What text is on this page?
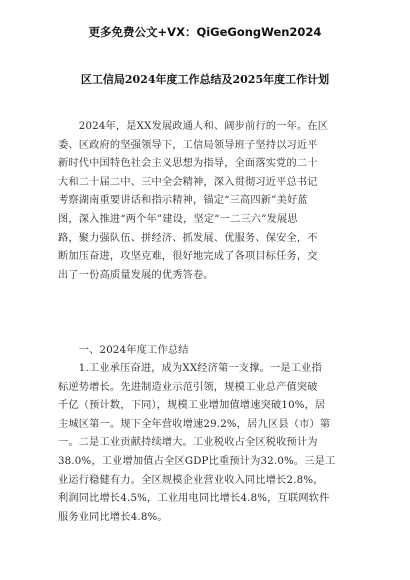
更多免费公文+VX：QiGeGongWen2024
区工信局2024年度工作总结及2025年度工作计划
　　2024年，是XX发展政通人和、阔步前行的一年。在区
委、区政府的坚强领导下，工信局领导班子坚持以习近平
新时代中国特色社会主义思想为指导，全面落实党的二十
大和二十届二中、三中全会精神，深入贯彻习近平总书记
考察湖南重要讲话和指示精神，锚定“三高四新”美好蓝
图，深入推进“两个年”建设，坚定“一二三六”发展思
路，聚力强队伍、拼经济、抓发展、优服务、保安全，不
断加压奋进，攻坚克难，很好地完成了各项目标任务，交
出了一份高质量发展的优秀答卷。
　　一、2024年度工作总结
　　1.工业承压奋进，成为XX经济第一支撑。一是工业指
标逆势增长。先进制造业示范引领，规模工业总产值突破
千亿（预计数，下同），规模工业增加值增速突破10%，居
主城区第一。规下全年营收增速29.2%，居九区县（市）第
一。二是工业贡献持续增大。工业税收占全区税收预计为
38.0%，工业增加值占全区GDP比重预计为32.0%。三是工
业运行稳健有力。全区规模企业营业收入同比增长2.8%，
利润同比增长4.5%，工业用电同比增长4.8%，互联网软件
服务业同比增长4.8%。
